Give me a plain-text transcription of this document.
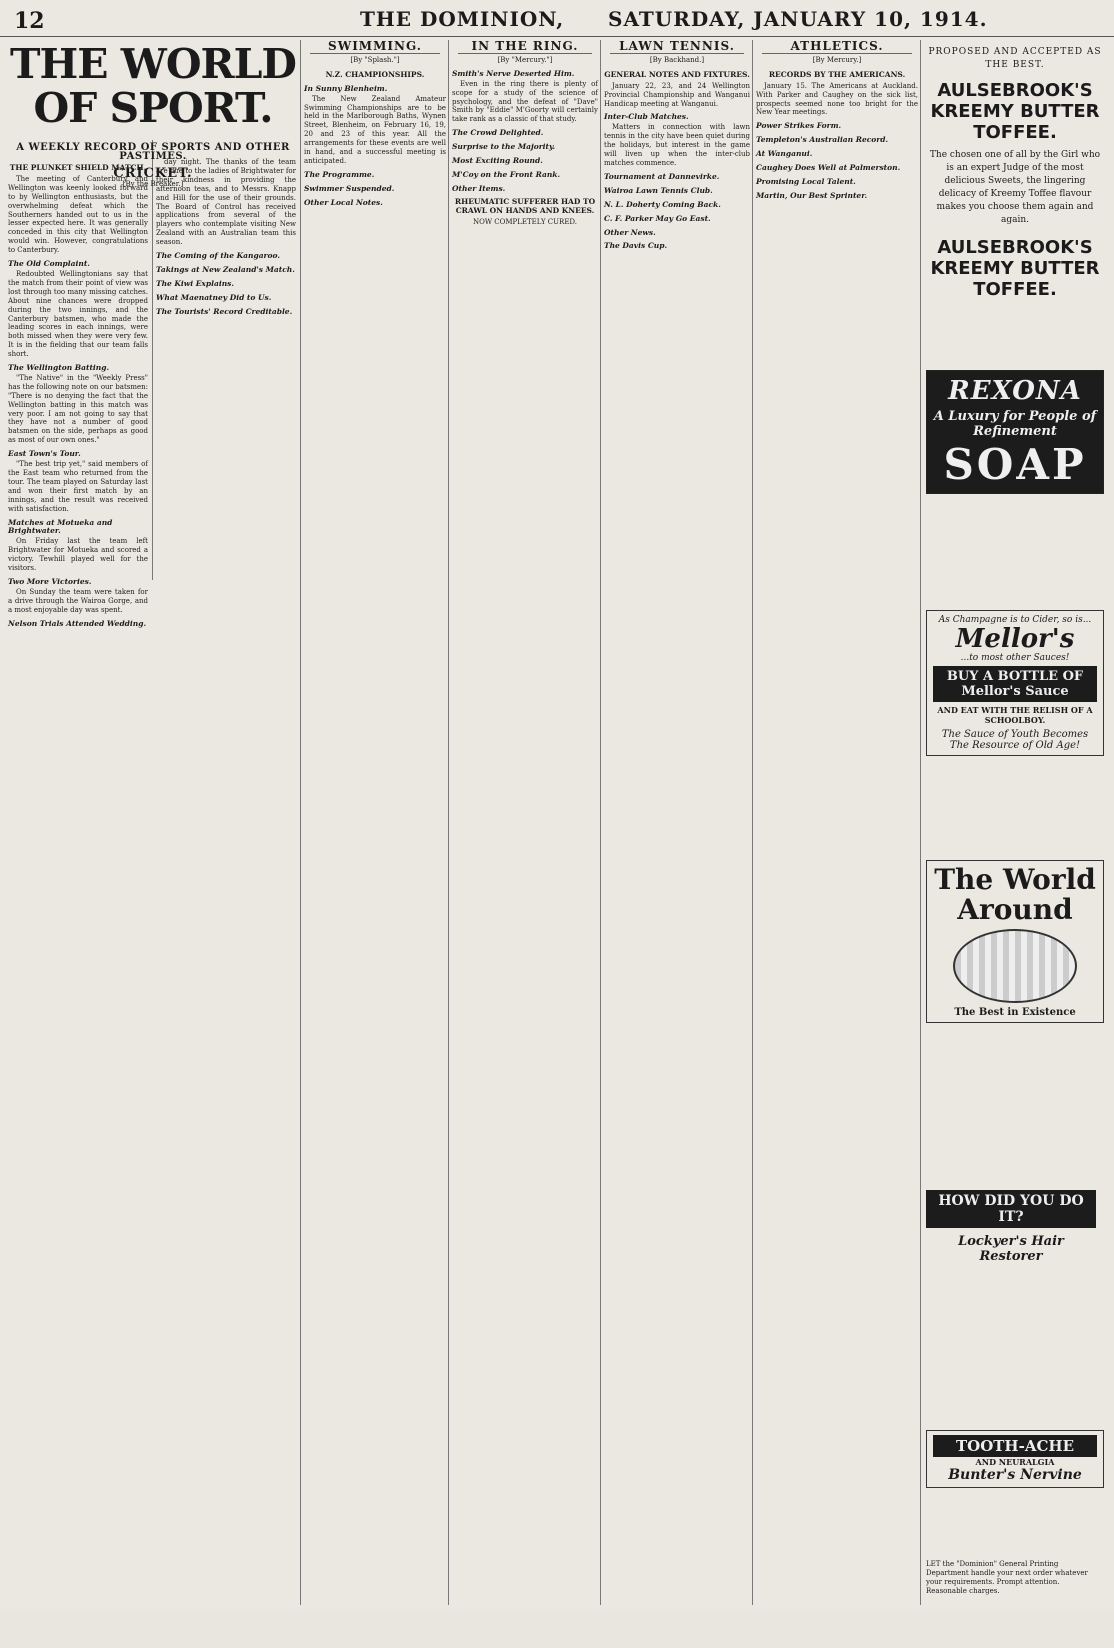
12	THE DOMINION, SATURDAY, JANUARY 10, 1914.
THE WORLD OF SPORT.
A WEEKLY RECORD OF SPORTS AND OTHER PASTIMES.
CRICKET.
[By the Breaker.]
THE PLUNKET SHIELD MATCH.

The meeting of Canterbury and Wellington was keenly looked forward to by Wellington enthusiasts, but the overwhelming defeat which the Southerners handed out to us in the lesser expected here. It was generally conceded in this city that Wellington would win. However, congratulations to Canterbury.

The Old Complaint.

Redoubted Wellingtonians say that the match from their point of view was lost through too many missing catches. About nine chances were dropped during the two innings, and the Canterbury batsmen, who made the leading scores in each innings, were both missed when they were very few. It is in the fielding that our team falls short.

The Wellington Batting.

"The Native" in the "Weekly Press" has the following note on our batsmen: "There is no denying the fact that the Wellington batting in this match was very poor. I am not going to say that they have not a number of good batsmen on the side, perhaps as good as most of our own ones."

East Town's Tour.

"The best trip yet," said members of the East team who returned from the tour. The team played on Saturday last and won their first match by an innings, and the result was received with satisfaction.

Matches at Motueka and Brightwater.

On Friday last the team left Brightwater for Motueka and scored a victory. Tewhill played well for the visitors.

Two More Victories.

On Sunday the team were taken for a drive through the Wairoa Gorge, and a most enjoyable day was spent.

Nelson Trials Attended Wedding.

day night. The thanks of the team are due to the ladies of Brightwater for their kindness in providing the afternoon teas, and to Messrs. Knapp and Hill for the use of their grounds. The Board of Control has received applications from several of the players who contemplate visiting New Zealand with an Australian team this season.

The Coming of the Kangaroo.
Takings at New Zealand's Match.
The Kiwi Explains.
What Maenatney Did to Us.
The Tourists' Record Creditable.
SWIMMING.
[By "Splash."]
N.Z. CHAMPIONSHIPS.
In Sunny Blenheim.

The New Zealand Amateur Swimming Championships are to be held in the Marlborough Baths, Wynen Street, Blenheim, on February 16, 19, 20 and 23 of this year. All the arrangements for these events are well in hand, and a successful meeting is anticipated.

The Programme.
Swimmer Suspended.
Other Local Notes.
IN THE RING.
[By "Mercury."]
Smith's Nerve Deserted Him.

Even in the ring there is plenty of scope for a study of the science of psychology, and the defeat of "Dave" Smith by "Eddie" M'Goorty will certainly take rank as a classic of that study.

The Crowd Delighted.
Surprise to the Majority.
Most Exciting Round.
M'Coy on the Front Rank.
Other Items.
RHEUMATIC SUFFERER HAD TO CRAWL ON HANDS AND KNEES.
NOW COMPLETELY CURED.
LAWN TENNIS.
[By Backhand.]
GENERAL NOTES AND FIXTURES.

January 22, 23, and 24 Wellington Provincial Championship and Wanganui Handicap meeting at Wanganui.

Inter-Club Matches.

Matters in connection with lawn tennis in the city have been quiet during the holidays, but interest in the game will liven up when the inter-club matches commence.

Tournament at Dannevirke.
Wairoa Lawn Tennis Club.
N. L. Doherty Coming Back.
C. F. Parker May Go East.
Other News.
The Davis Cup.
ATHLETICS.
[By Mercury.]
RECORDS BY THE AMERICANS.

January 15. The Americans at Auckland. With Parker and Caughey on the sick list, prospects seemed none too bright for the New Year meetings.

Power Strikes Form.
Templeton's Australian Record.
At Wanganui.
Caughey Does Well at Palmerston.
Promising Local Talent.
Martin, Our Best Sprinter.
PROPOSED AND ACCEPTED AS THE BEST.
AULSEBROOK'S KREEMY BUTTER TOFFEE.
The chosen one of all by the Girl who is an expert Judge of the most delicious Sweets, the lingering delicacy of Kreemy Toffee flavour makes you choose them again and again.
AULSEBROOK'S KREEMY BUTTER TOFFEE.
REXONA
A Luxury for People of Refinement
SOAP
As Champagne is to Cider, so is...
Mellor's
...to most other Sauces!
BUY A BOTTLE OF Mellor's Sauce
AND EAT WITH THE RELISH OF A SCHOOLBOY.
The Sauce of Youth Becomes The Resource of Old Age!
The World Around
The Best in Existence
HOW DID YOU DO IT?
Lockyer's Hair Restorer
TOOTH-ACHE
AND NEURALGIA
Bunter's Nervine
LET the "Dominion" General Printing Department handle your next order whatever your requirements. Prompt attention. Reasonable charges.
